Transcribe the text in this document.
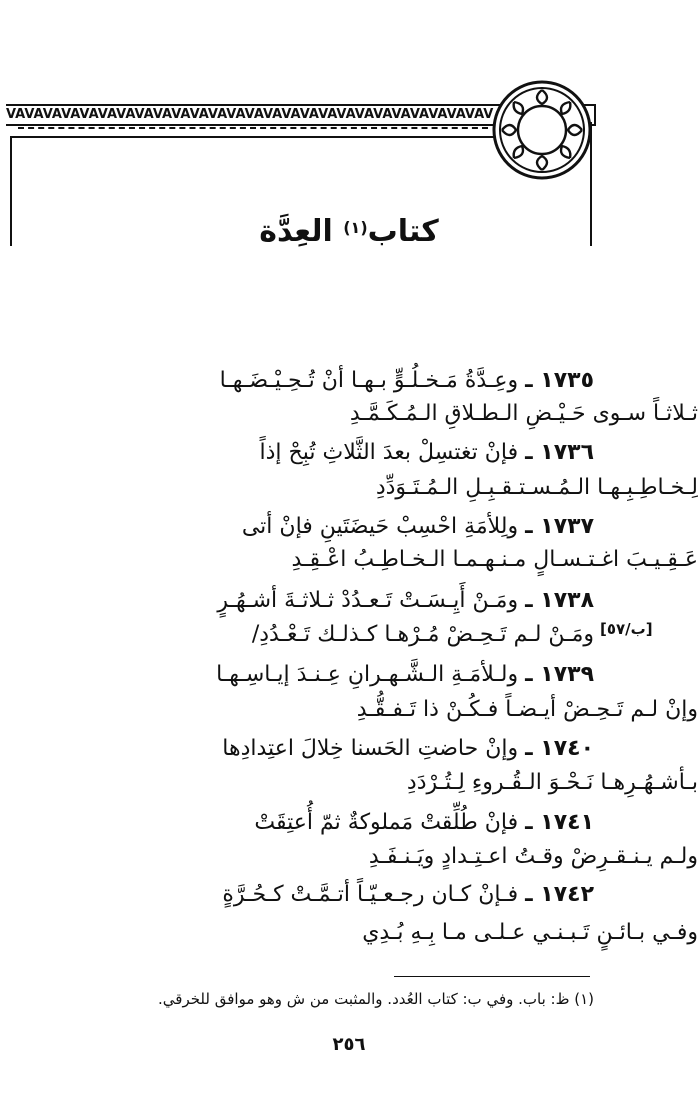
VAVAVAVAVAVAVAVAVAVAVAVAVAVAVAVAVAVAVAVAVAVAVAVAVAVAV
كتاب$^{(١)}$ العِدَّة
١٧٣٥ ـ وعِـدَّةُ مَـخـلُـوٍّ بـهـا أنْ تُـحِـيْـضَـهـا
ثـلاثـاً سـوى حَـيْـضِ الـطـلاقِ الـمُـكَـمَّـدِ
١٧٣٦ ـ فإنْ تغتسِلْ بعدَ الثَّلاثِ تُبِحْ إذاً
لِـخـاطِـبِـهـا الـمُـسـتـقـبِـلِ الـمُـتَـوَدِّدِ
١٧٣٧ ـ ولِلأمَةِ احْسِبْ حَيضَتَينِ فإنْ أتى
عَـقِـيـبَ اغـتـسـالٍ مـنـهـمـا الـخـاطِـبُ اعْـقِـدِ
١٧٣٨ ـ ومَـنْ أَيِـسَـتْ تَـعـدُدْ ثـلاثـةَ أشـهُـرٍ
ومَـنْ لـم تَـحِـضْ مُـرْهـا كـذلـك تَـعْـدُدِ/ [ب/٥٧]
١٧٣٩ ـ ولـلأمَـةِ الـشَّـهـرانِ عِـنـدَ إيـاسِـهـا
وإنْ لـم تَـحِـضْ أيـضـاً فـكُـنْ ذا تَـفـقُّـدِ
١٧٤٠ ـ وإنْ حاضتِ الحَسنا خِلالَ اعتِدادِها
بـأشـهُـرِهـا نَـحْـوَ الـقُـروءِ لِـتُـرْدَدِ
١٧٤١ ـ فإنْ طُلِّقتْ مَملوكةٌ ثمّ أُعتِقَتْ
ولـم يـنـقـرِضْ وقـتُ اعـتِـدادٍ ويَـنـفَـدِ
١٧٤٢ ـ فـإنْ كـان رجـعـيّـاً أتـمَّـتْ كـحُـرَّةٍ
وفـي بـائـنٍ تَـبـنـي عـلـى مـا بِـهِ بُـدِي
(١) ظ: باب. وفي ب: كتاب العُدد. والمثبت من ش وهو موافق للخرقي.
٢٥٦
